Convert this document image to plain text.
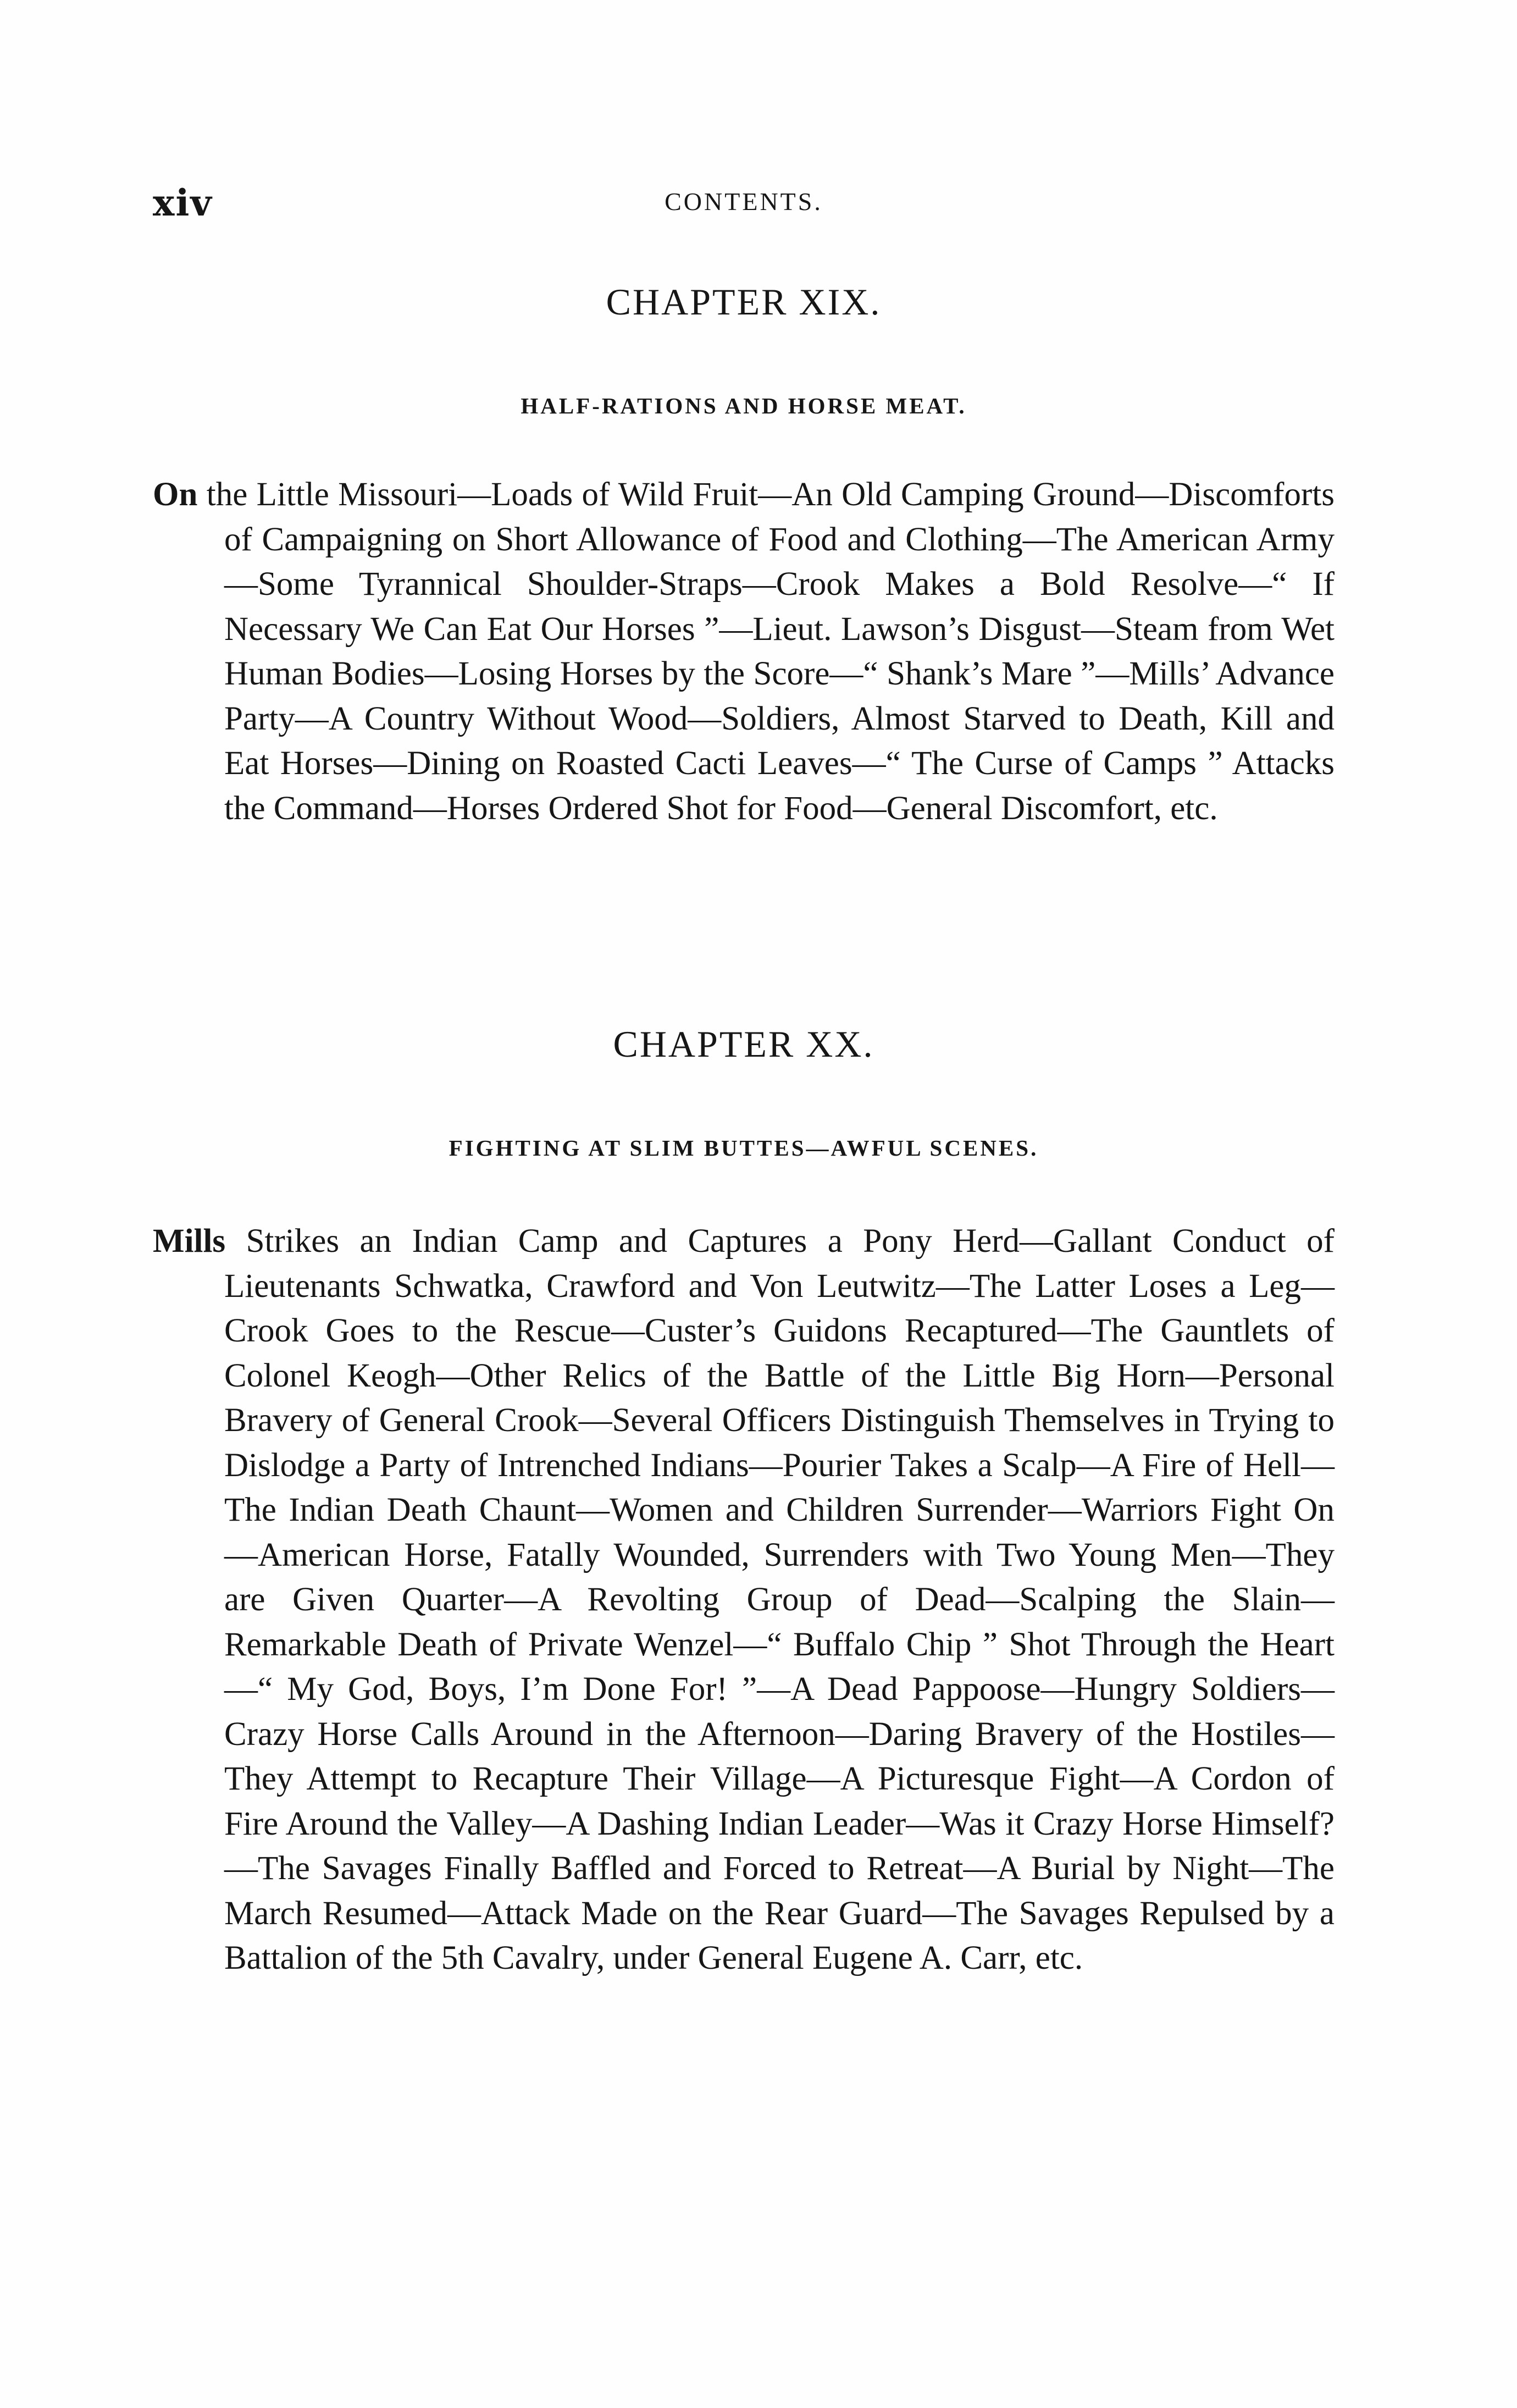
xiv	CONTENTS.
CHAPTER XIX.
HALF-RATIONS AND HORSE MEAT.

On the Little Missouri—Loads of Wild Fruit—An Old Camping Ground—Discomforts of Campaigning on Short Allowance of Food and Clothing—The American Army—Some Tyrannical Shoulder-Straps—Crook Makes a Bold Resolve—“ If Necessary We Can Eat Our Horses ”—Lieut. Lawson’s Disgust—Steam from Wet Human Bodies—Losing Horses by the Score—“ Shank’s Mare ”—Mills’ Advance Party—A Country Without Wood—Soldiers, Almost Starved to Death, Kill and Eat Horses—Dining on Roasted Cacti Leaves—“ The Curse of Camps ” Attacks the Command—Horses Ordered Shot for Food—General Discomfort, etc.

CHAPTER XX.
FIGHTING AT SLIM BUTTES—AWFUL SCENES.

Mills Strikes an Indian Camp and Captures a Pony Herd—Gallant Conduct of Lieutenants Schwatka, Crawford and Von Leutwitz—The Latter Loses a Leg—Crook Goes to the Rescue—Custer’s Guidons Recaptured—The Gauntlets of Colonel Keogh—Other Relics of the Battle of the Little Big Horn—Personal Bravery of General Crook—Several Officers Distinguish Themselves in Trying to Dislodge a Party of Intrenched Indians—Pourier Takes a Scalp—A Fire of Hell—The Indian Death Chaunt—Women and Children Surrender—Warriors Fight On—American Horse, Fatally Wounded, Surrenders with Two Young Men—They are Given Quarter—A Revolting Group of Dead—Scalping the Slain—Remarkable Death of Private Wenzel—“ Buffalo Chip ” Shot Through the Heart—“ My God, Boys, I’m Done For! ”—A Dead Pappoose—Hungry Soldiers—Crazy Horse Calls Around in the Afternoon—Daring Bravery of the Hostiles—They Attempt to Recapture Their Village—A Picturesque Fight—A Cordon of Fire Around the Valley—A Dashing Indian Leader—Was it Crazy Horse Himself?—The Savages Finally Baffled and Forced to Retreat—A Burial by Night—The March Resumed—Attack Made on the Rear Guard—The Savages Repulsed by a Battalion of the 5th Cavalry, under General Eugene A. Carr, etc.
